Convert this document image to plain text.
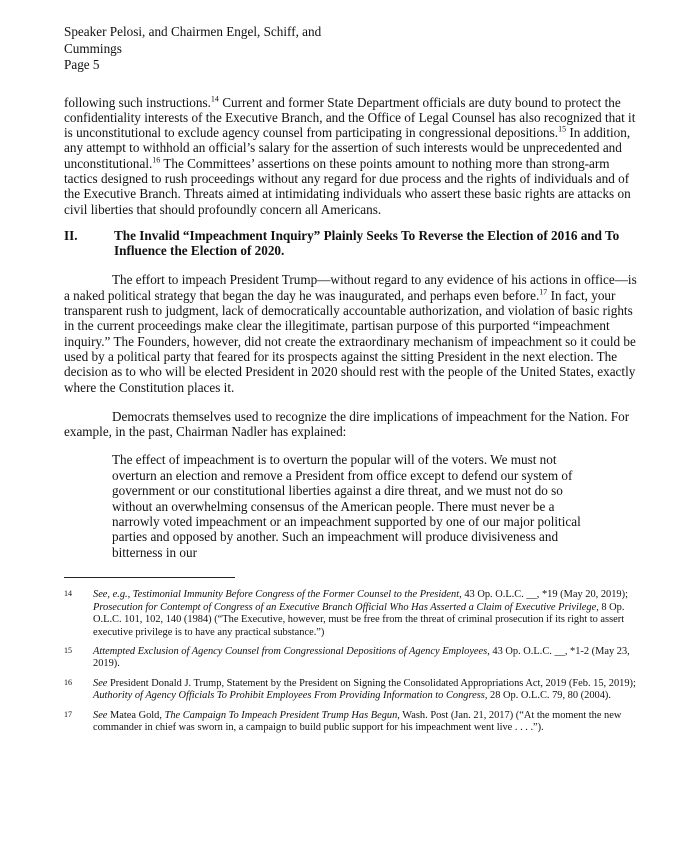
Speaker Pelosi, and Chairmen Engel, Schiff, and
Cummings
Page 5

following such instructions.$^{14}$ Current and former State Department officials are duty bound to protect the confidentiality interests of the Executive Branch, and the Office of Legal Counsel has also recognized that it is unconstitutional to exclude agency counsel from participating in congressional depositions.$^{15}$ In addition, any attempt to withhold an official’s salary for the assertion of such interests would be unprecedented and unconstitutional.$^{16}$ The Committees’ assertions on these points amount to nothing more than strong-arm tactics designed to rush proceedings without any regard for due process and the rights of individuals and of the Executive Branch. Threats aimed at intimidating individuals who assert these basic rights are attacks on civil liberties that should profoundly concern all Americans.

II.	The Invalid “Impeachment Inquiry” Plainly Seeks To Reverse the Election of 2016 and To Influence the Election of 2020.

The effort to impeach President Trump—without regard to any evidence of his actions in office—is a naked political strategy that began the day he was inaugurated, and perhaps even before.$^{17}$ In fact, your transparent rush to judgment, lack of democratically accountable authorization, and violation of basic rights in the current proceedings make clear the illegitimate, partisan purpose of this purported “impeachment inquiry.” The Founders, however, did not create the extraordinary mechanism of impeachment so it could be used by a political party that feared for its prospects against the sitting President in the next election. The decision as to who will be elected President in 2020 should rest with the people of the United States, exactly where the Constitution places it.

Democrats themselves used to recognize the dire implications of impeachment for the Nation. For example, in the past, Chairman Nadler has explained:

The effect of impeachment is to overturn the popular will of the voters. We must not overturn an election and remove a President from office except to defend our system of government or our constitutional liberties against a dire threat, and we must not do so without an overwhelming consensus of the American people. There must never be a narrowly voted impeachment or an impeachment supported by one of our major political parties and opposed by another. Such an impeachment will produce divisiveness and bitterness in our

14	See, e.g., Testimonial Immunity Before Congress of the Former Counsel to the President, 43 Op. O.L.C. __, *19 (May 20, 2019); Prosecution for Contempt of Congress of an Executive Branch Official Who Has Asserted a Claim of Executive Privilege, 8 Op. O.L.C. 101, 102, 140 (1984) (“The Executive, however, must be free from the threat of criminal prosecution if its right to assert executive privilege is to have any practical substance.”)
15	Attempted Exclusion of Agency Counsel from Congressional Depositions of Agency Employees, 43 Op. O.L.C. __, *1-2 (May 23, 2019).
16	See President Donald J. Trump, Statement by the President on Signing the Consolidated Appropriations Act, 2019 (Feb. 15, 2019); Authority of Agency Officials To Prohibit Employees From Providing Information to Congress, 28 Op. O.L.C. 79, 80 (2004).
17	See Matea Gold, The Campaign To Impeach President Trump Has Begun, Wash. Post (Jan. 21, 2017) (“At the moment the new commander in chief was sworn in, a campaign to build public support for his impeachment went live . . . .”).
